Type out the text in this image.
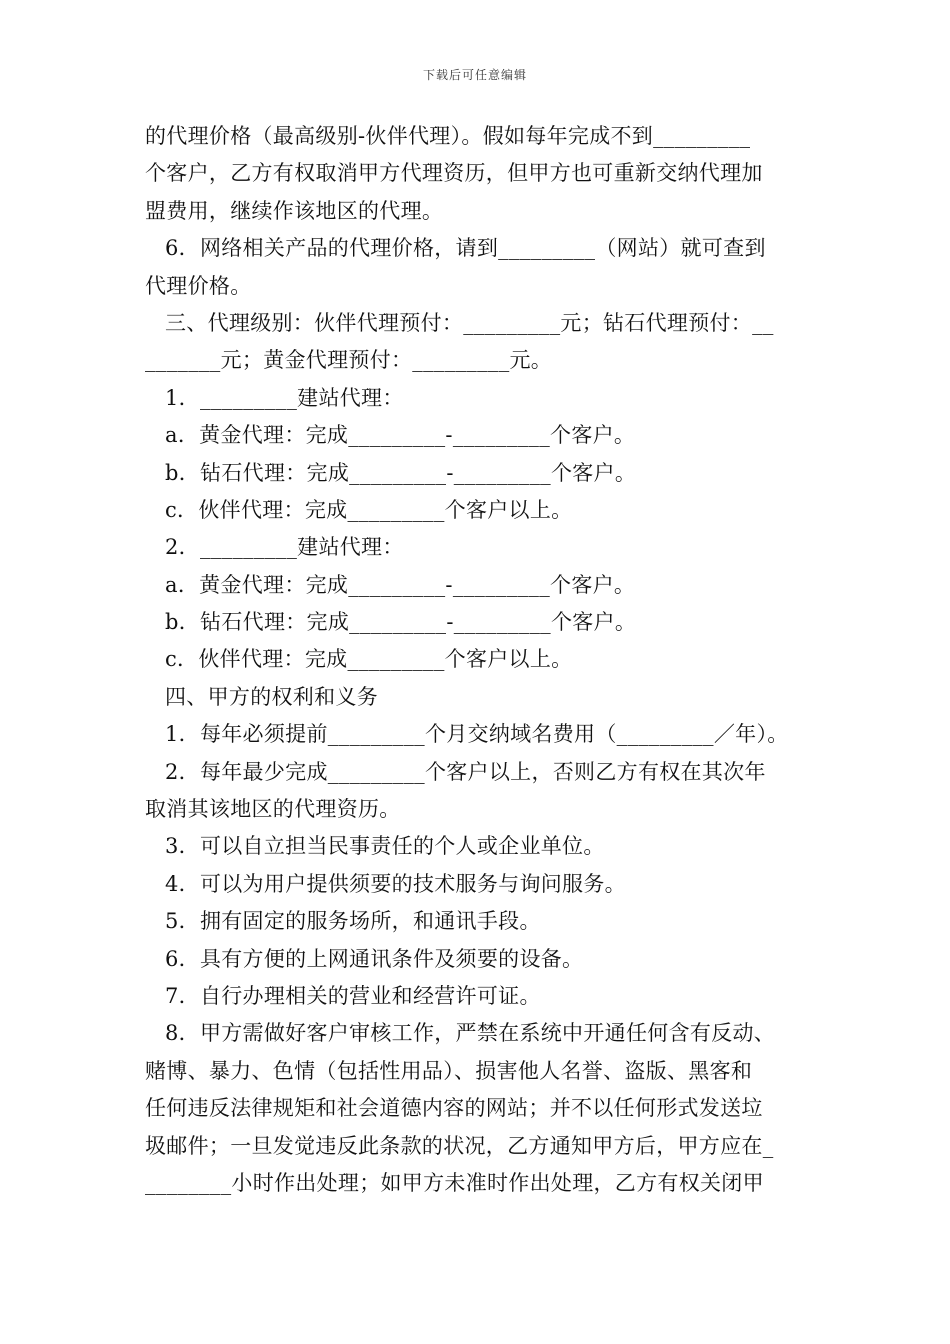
下载后可任意编辑
的代理价格（最高级别-伙伴代理）。假如每年完成不到_________
个客户，乙方有权取消甲方代理资历，但甲方也可重新交纳代理加
盟费用，继续作该地区的代理。
6．网络相关产品的代理价格，请到_________（网站）就可查到
代理价格。
三、代理级别：伙伴代理预付：_________元；钻石代理预付：__
_______元；黄金代理预付：_________元。
1．_________建站代理：
a．黄金代理：完成_________-_________个客户。
b．钻石代理：完成_________-_________个客户。
c．伙伴代理：完成_________个客户以上。
2．_________建站代理：
a．黄金代理：完成_________-_________个客户。
b．钻石代理：完成_________-_________个客户。
c．伙伴代理：完成_________个客户以上。
四、甲方的权利和义务
1．每年必须提前_________个月交纳域名费用（_________／年）。
2．每年最少完成_________个客户以上，否则乙方有权在其次年
取消其该地区的代理资历。
3．可以自立担当民事责任的个人或企业单位。
4．可以为用户提供须要的技术服务与询问服务。
5．拥有固定的服务场所，和通讯手段。
6．具有方便的上网通讯条件及须要的设备。
7．自行办理相关的营业和经营许可证。
8．甲方需做好客户审核工作，严禁在系统中开通任何含有反动、
赌博、暴力、色情（包括性用品）、损害他人名誉、盗版、黑客和
任何违反法律规矩和社会道德内容的网站；并不以任何形式发送垃
圾邮件；一旦发觉违反此条款的状况，乙方通知甲方后，甲方应在_
________小时作出处理；如甲方未准时作出处理，乙方有权关闭甲
